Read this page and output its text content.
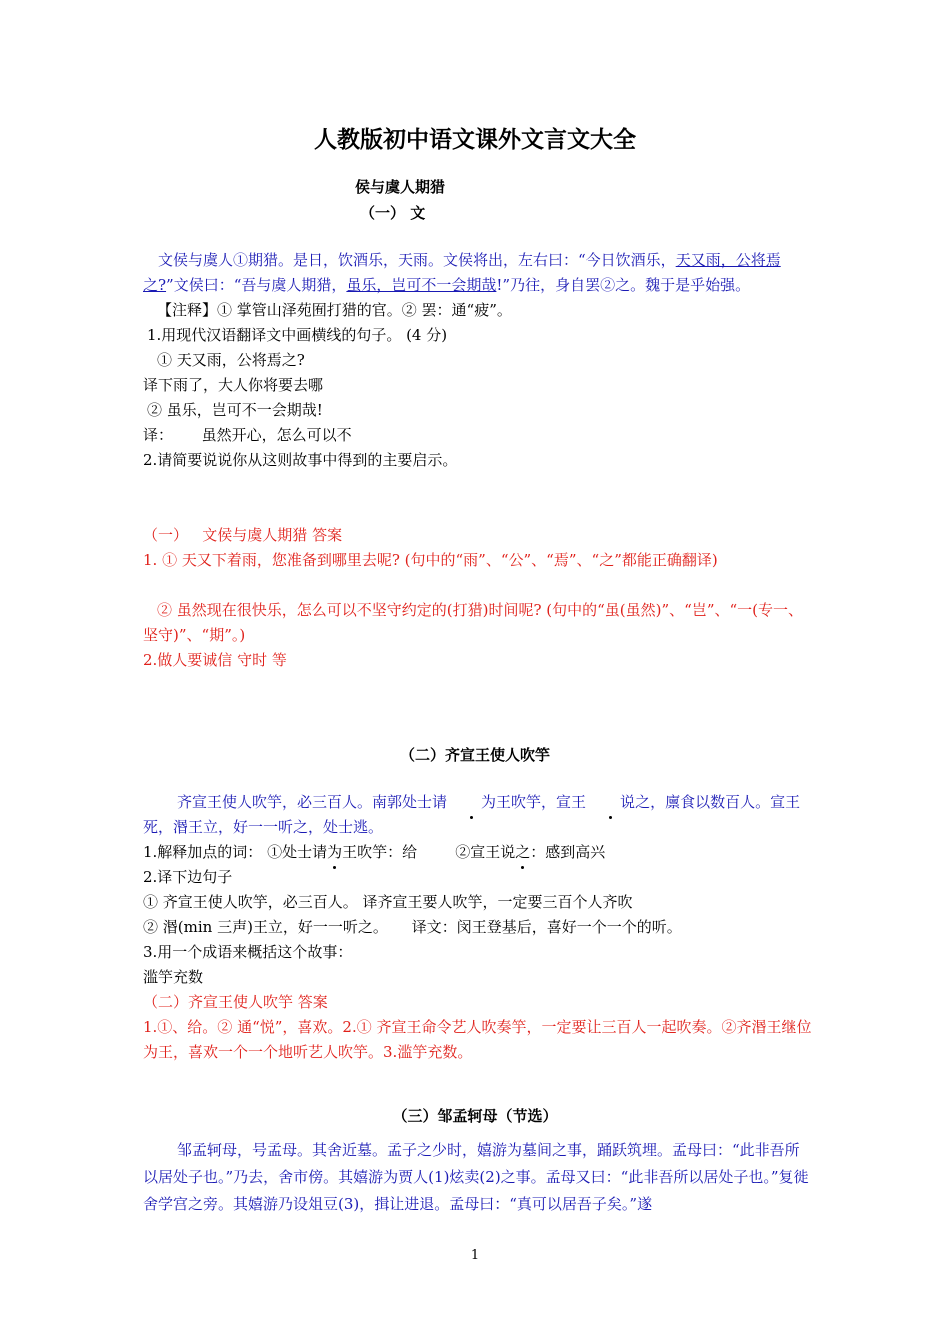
人教版初中语文课外文言文大全
侯与虞人期猎
（一） 文

文侯与虞人①期猎。是日，饮酒乐，天雨。文侯将出，左右曰：“今日饮酒乐，天又雨，公将焉之?”文侯曰：“吾与虞人期猎，虽乐，岂可不一会期哉!”乃往，身自罢②之。魏于是乎始强。

【注释】① 掌管山泽苑囿打猎的官。② 罢：通“疲”。
1.用现代汉语翻译文中画横线的句子。 (4 分)
① 天又雨，公将焉之?
译下雨了，大人你将要去哪
② 虽乐，岂可不一会期哉!
译：      虽然开心，怎么可以不
2.请简要说说你从这则故事中得到的主要启示。
（一）   文侯与虞人期猎 答案

1. ① 天又下着雨，您准备到哪里去呢? (句中的“雨”、“公”、“焉”、“之”都能正确翻译)

② 虽然现在很快乐，怎么可以不坚守约定的(打猎)时间呢? (句中的“虽(虽然)”、“岂”、“一(专一、坚守)”、“期”。)

2.做人要诚信 守时 等
（二）齐宣王使人吹竽

齐宣王使人吹竽，必三百人。南郭处士请 为王吹竽，宣王 说之，廪食以数百人。宣王死，湣王立，好一一听之，处士逃。

1.解释加点的词： ①处士请为王吹竽：给        ②宣王说之：感到高兴
2.译下边句子
① 齐宣王使人吹竽，必三百人。 译齐宣王要人吹竽，一定要三百个人齐吹
② 湣(min 三声)王立，好一一听之。     译文：闵王登基后，喜好一个一个的听。
3.用一个成语来概括这个故事：
滥竽充数
（二）齐宣王使人吹竽 答案

1.①、给。② 通“悦”，喜欢。2.① 齐宣王命令艺人吹奏竽，一定要让三百人一起吹奏。②齐湣王继位为王，喜欢一个一个地听艺人吹竽。3.滥竽充数。

（三）邹孟轲母（节选）

邹孟轲母，号孟母。其舍近墓。孟子之少时，嬉游为墓间之事，踊跃筑埋。孟母曰：“此非吾所以居处子也。”乃去，舍市傍。其嬉游为贾人(1)炫卖(2)之事。孟母又曰：“此非吾所以居处子也。”复徙舍学宫之旁。其嬉游乃设俎豆(3)，揖让进退。孟母曰：“真可以居吾子矣。”遂

1
